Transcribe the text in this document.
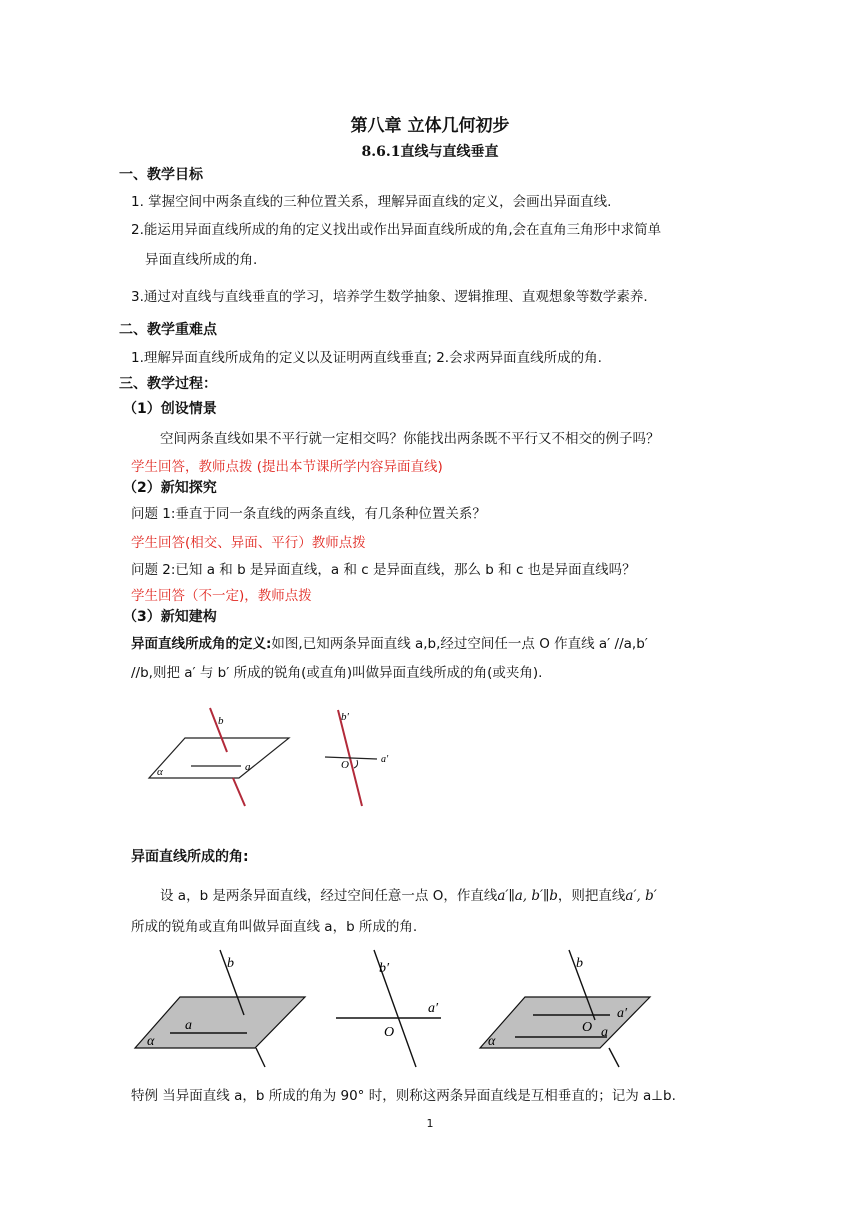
第八章 立体几何初步
8.6.1直线与直线垂直
一、教学目标
1. 掌握空间中两条直线的三种位置关系，理解异面直线的定义，会画出异面直线.
2.能运用异面直线所成的角的定义找出或作出异面直线所成的角,会在直角三角形中求简单
异面直线所成的角.
3.通过对直线与直线垂直的学习，培养学生数学抽象、逻辑推理、直观想象等数学素养.
二、教学重难点
1.理解异面直线所成角的定义以及证明两直线垂直; 2.会求两异面直线所成的角.
三、教学过程：
（1）创设情景
空间两条直线如果不平行就一定相交吗？你能找出两条既不平行又不相交的例子吗？
学生回答，教师点拨 (提出本节课所学内容异面直线)
（2）新知探究
问题 1:垂直于同一条直线的两条直线，有几条种位置关系？
学生回答(相交、异面、平行）教师点拨
问题 2:已知 a 和 b 是异面直线，a 和 c 是异面直线，那么 b 和 c 也是异面直线吗？
学生回答（不一定)，教师点拨
（3）新知建构
异面直线所成角的定义:如图,已知两条异面直线 a,b,经过空间任一点 O 作直线 a′ //a,b′
//b,则把 a′ 与 b′ 所成的锐角(或直角)叫做异面直线所成的角(或夹角).
b
a
α
b′
a′
O
异面直线所成的角:
设 a，b 是两条异面直线，经过空间任意一点 O，作直线a′∥a, b′∥b，则把直线a′, b′
所成的锐角或直角叫做异面直线 a，b 所成的角.
b
a
α
b′
a′
O
b
a′
O a
α
特例 当异面直线 a，b 所成的角为 90° 时，则称这两条异面直线是互相垂直的；记为 a⊥b.
1
